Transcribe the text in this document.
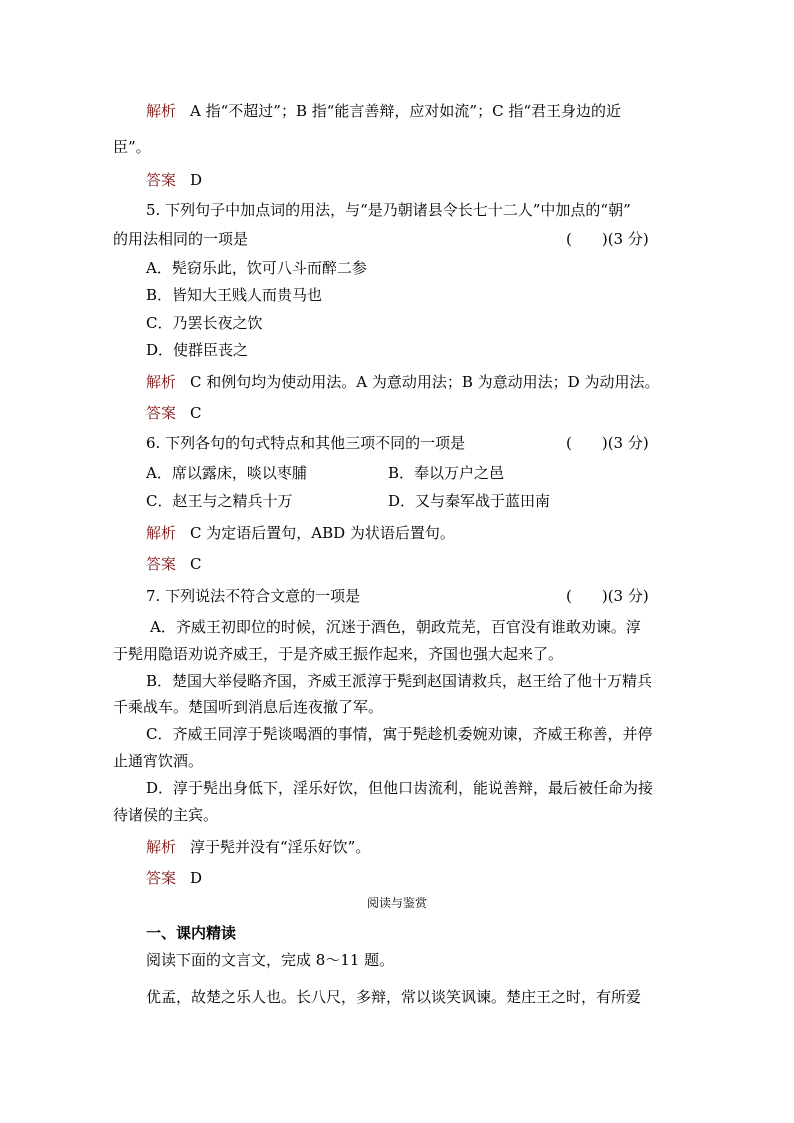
解析 A 指“不超过”；B 指“能言善辩，应对如流”；C 指“君王身边的近
臣”。
答案 D
5. 下列句子中加点词的用法，与“是乃朝诸县令长七十二人”中加点的“朝”
的用法相同的一项是	(　　)(3 分)
A．髡窃乐此，饮可八斗而醉二参
B．皆知大王贱人而贵马也
C．乃罢长夜之饮
D．使群臣丧之
解析 C 和例句均为使动用法。A 为意动用法；B 为意动用法；D 为动用法。
答案 C
6. 下列各句的句式特点和其他三项不同的一项是	(　　)(3 分)
A．席以露床，啖以枣脯	B．奉以万户之邑
C．赵王与之精兵十万	D．又与秦军战于蓝田南
解析 C 为定语后置句，ABD 为状语后置句。
答案 C
7. 下列说法不符合文意的一项是	(　　)(3 分)
A．齐威王初即位的时候，沉迷于酒色，朝政荒芜，百官没有谁敢劝谏。淳
于髡用隐语劝说齐威王，于是齐威王振作起来，齐国也强大起来了。
B．楚国大举侵略齐国，齐威王派淳于髡到赵国请救兵，赵王给了他十万精兵
千乘战车。楚国听到消息后连夜撤了军。
C．齐威王同淳于髡谈喝酒的事情，寓于髡趁机委婉劝谏，齐威王称善，并停
止通宵饮酒。
D．淳于髡出身低下，淫乐好饮，但他口齿流利，能说善辩，最后被任命为接
待诸侯的主宾。
解析 淳于髡并没有“淫乐好饮”。
答案 D
阅读与鉴赏
一、课内精读
阅读下面的文言文，完成 8～11 题。
优孟，故楚之乐人也。长八尺，多辩，常以谈笑讽谏。楚庄王之时，有所爱
